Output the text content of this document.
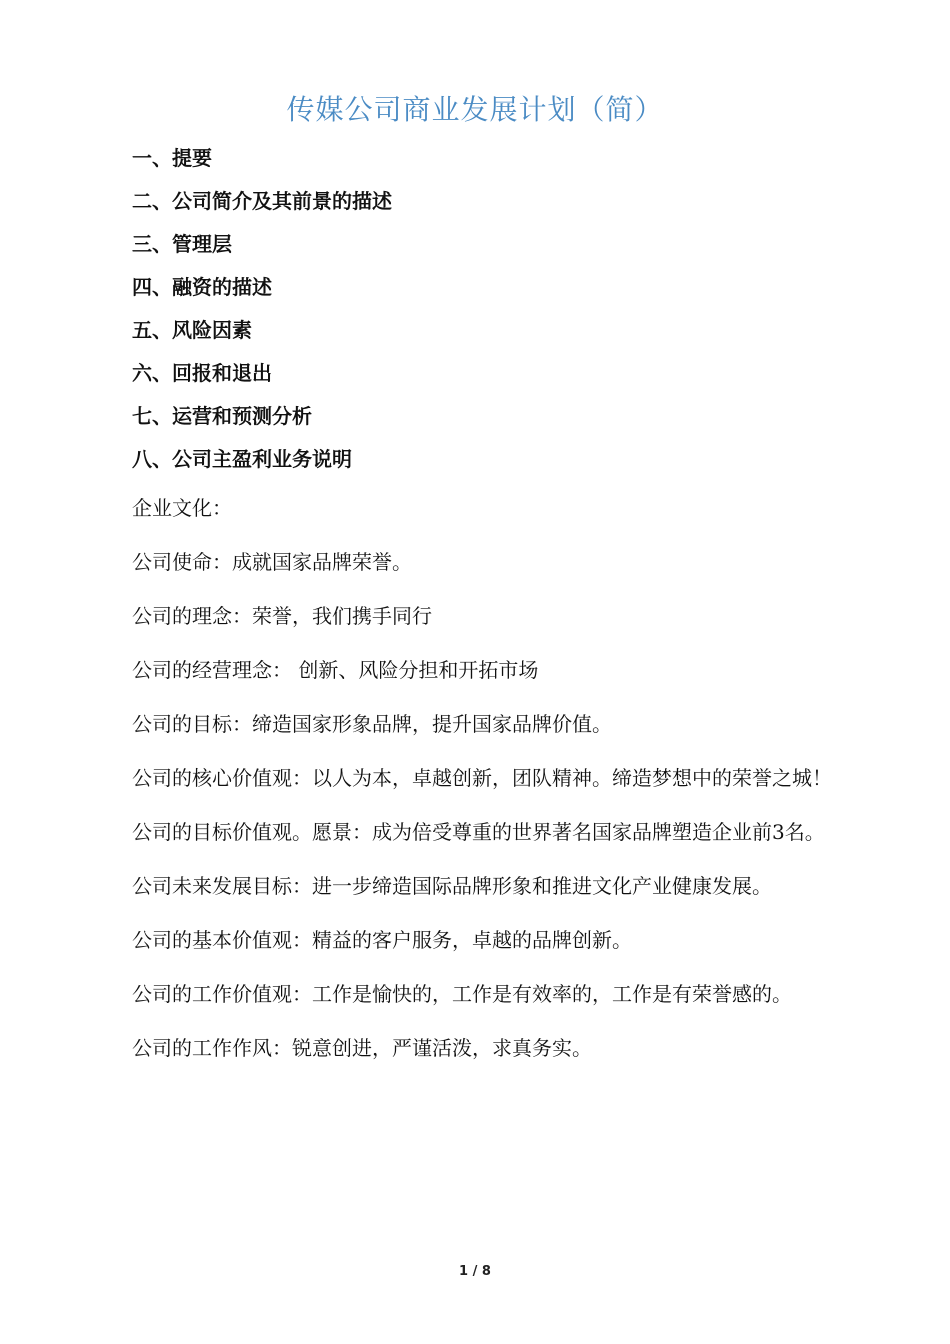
传媒公司商业发展计划（简）
一、提要
二、公司简介及其前景的描述
三、管理层
四、融资的描述
五、风险因素
六、回报和退出
七、运营和预测分析
八、公司主盈利业务说明

企业文化：

公司使命：成就国家品牌荣誉。

公司的理念：荣誉，我们携手同行

公司的经营理念： 创新、风险分担和开拓市场

公司的目标：缔造国家形象品牌，提升国家品牌价值。

公司的核心价值观：以人为本，卓越创新，团队精神。缔造梦想中的荣誉之城！

公司的目标价值观。愿景：成为倍受尊重的世界著名国家品牌塑造企业前3名。

公司未来发展目标：进一步缔造国际品牌形象和推进文化产业健康发展。

公司的基本价值观：精益的客户服务，卓越的品牌创新。

公司的工作价值观：工作是愉快的，工作是有效率的，工作是有荣誉感的。

公司的工作作风：锐意创进，严谨活泼，求真务实。

1 / 8
